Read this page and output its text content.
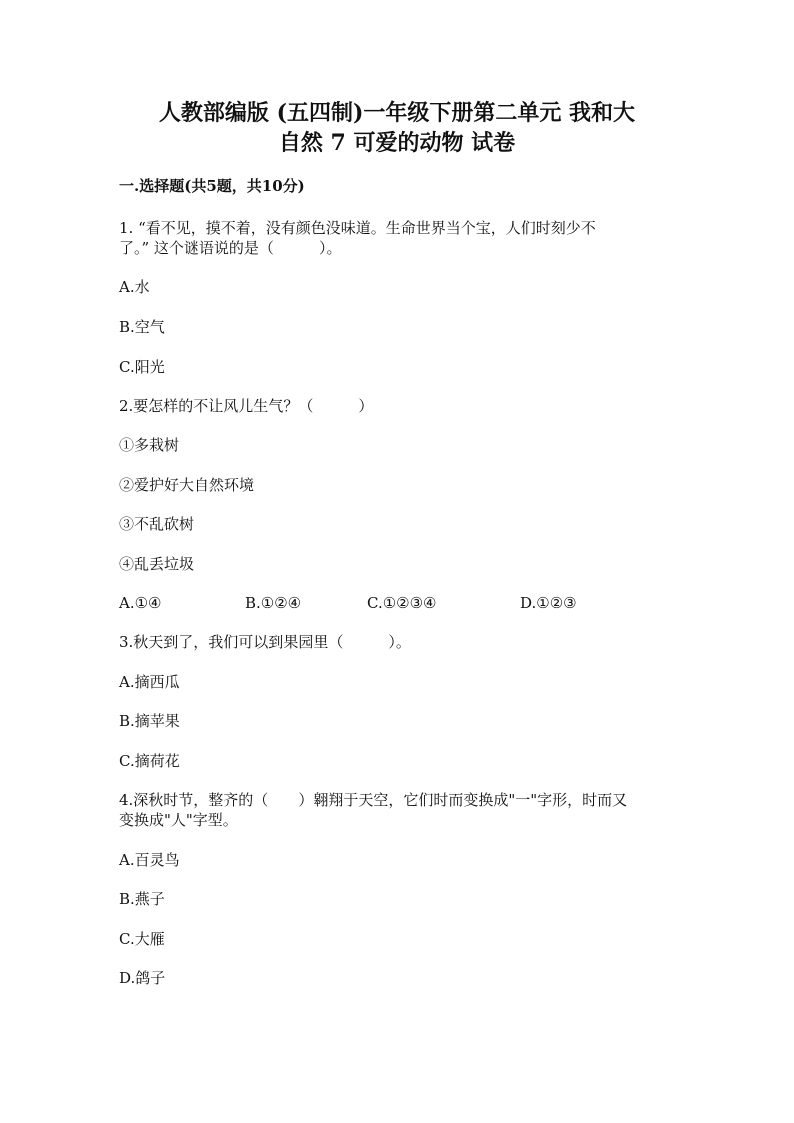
人教部编版 (五四制)一年级下册第二单元 我和大
自然 7 可爱的动物 试卷
一.选择题(共5题，共10分)
1. “看不见，摸不着，没有颜色没味道。生命世界当个宝，人们时刻少不
了。” 这个谜语说的是（　　　）。
A.水
B.空气
C.阳光
2.要怎样的不让风儿生气？（　　　）
①多栽树
②爱护好大自然环境
③不乱砍树
④乱丢垃圾
A.①④	B.①②④	C.①②③④	D.①②③
3.秋天到了，我们可以到果园里（　　　）。
A.摘西瓜
B.摘苹果
C.摘荷花
4.深秋时节，整齐的（　　）翱翔于天空，它们时而变换成"一"字形，时而又
变换成"人"字型。
A.百灵鸟
B.燕子
C.大雁
D.鸽子
